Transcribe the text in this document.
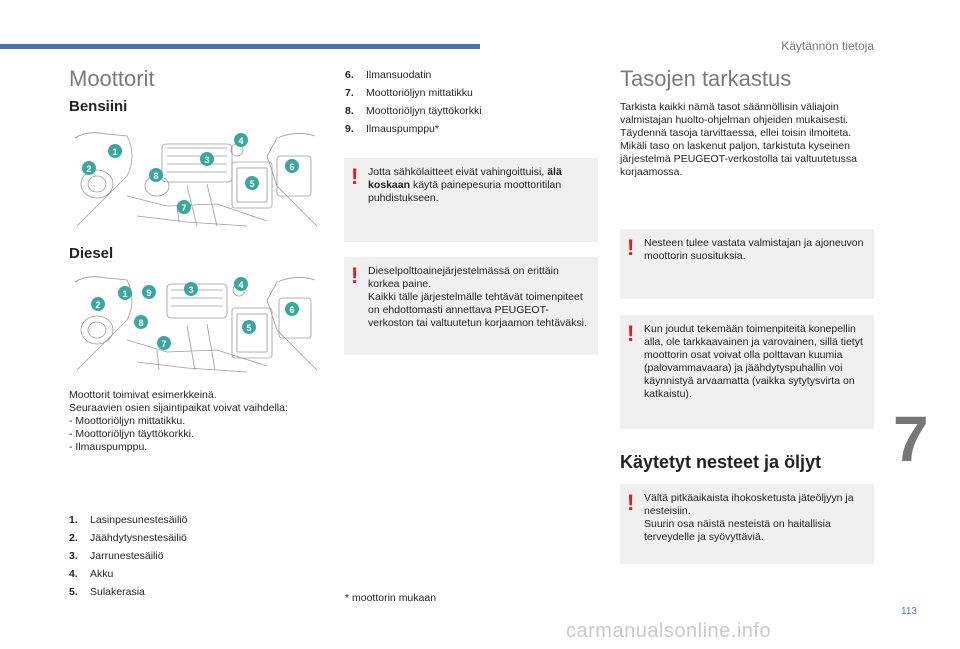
Käytännön tietoja
Moottorit
Bensiini
1
2
3
4
5
6
7
8
Diesel
1
2
3	4
5
6
7
8
9
Moottorit toimivat esimerkkeinä.
Seuraavien osien sijaintipaikat voivat vaihdella:
- Moottoriöljyn mittatikku.
- Moottoriöljyn täyttökorkki.
- Ilmauspumppu.
1.	Lasinpesunestesäiliö
2.	Jäähdytysnestesäiliö
3.	Jarrunestesäiliö
4.	Akku
5.	Sulakerasia
6.	Ilmansuodatin
7.	Moottoriöljyn mittatikku
8.	Moottoriöljyn täyttökorkki
9.	Ilmauspumppu*
! Jotta sähkölaitteet eivät vahingoittuisi, älä koskaan käytä painepesuria moottoritilan puhdistukseen.
! Dieselpolttoainejärjestelmässä on erittäin korkea paine.
Kaikki tälle järjestelmälle tehtävät toimenpiteet on ehdottomasti annettava PEUGEOT-verkoston tai valtuutetun korjaamon tehtäväksi.
* moottorin mukaan
Tasojen tarkastus
Tarkista kaikki nämä tasot säännöllisin väliajoin valmistajan huolto-ohjelman ohjeiden mukaisesti. Täydennä tasoja tarvittaessa, ellei toisin ilmoiteta.
Mikäli taso on laskenut paljon, tarkistuta kyseinen järjestelmä PEUGEOT-verkostolla tai valtuutetussa korjaamossa.
! Nesteen tulee vastata valmistajan ja ajoneuvon moottorin suosituksia.
! Kun joudut tekemään toimenpiteitä konepellin alla, ole tarkkaavainen ja varovainen, sillä tietyt moottorin osat voivat olla polttavan kuumia (palovammavaara) ja jäähdytyspuhallin voi käynnistyä arvaamatta (vaikka sytytysvirta on katkaistu).
Käytetyt nesteet ja öljyt
! Vältä pitkäaikaista ihokosketusta jäteöljyyn ja nesteisiin.
Suurin osa näistä nesteistä on haitallisia terveydelle ja syövyttäviä.
7
113
carmanualsonline.info
